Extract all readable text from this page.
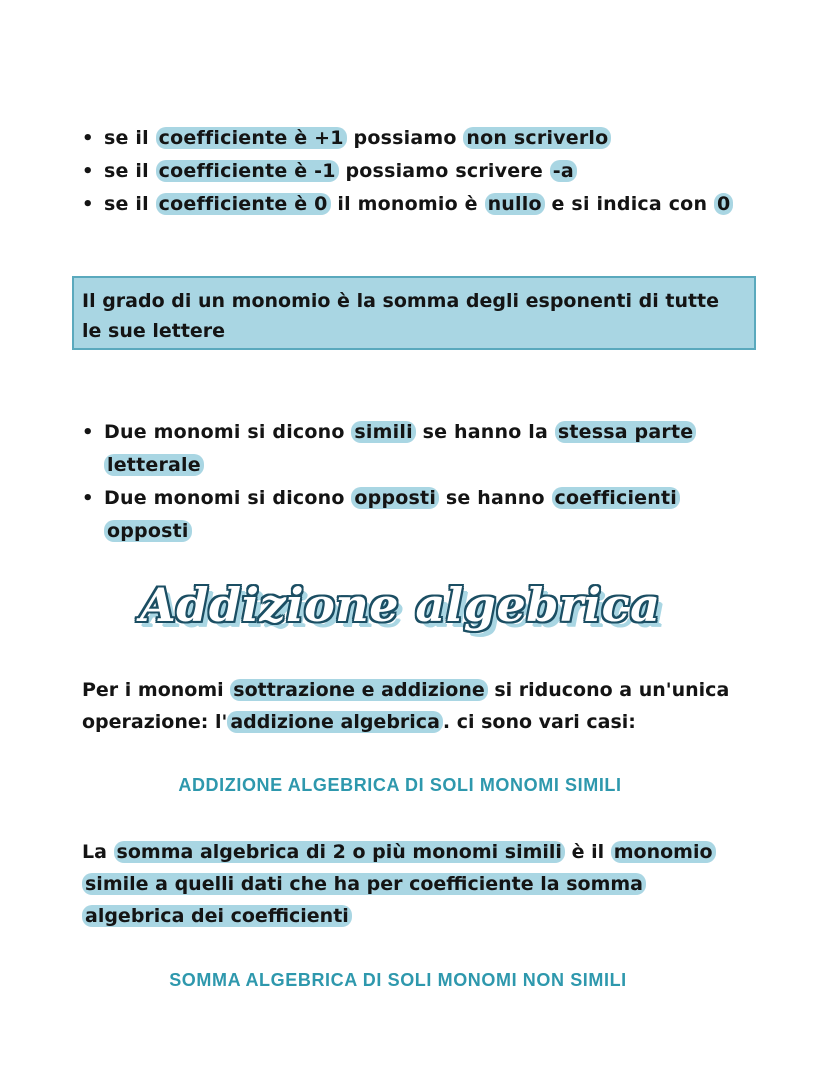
• se il coefficiente è +1 possiamo non scriverlo
• se il coefficiente è -1 possiamo scrivere -a
• se il coefficiente è 0 il monomio è nullo e si indica con 0
Il grado di un monomio è la somma degli esponenti di tutte le sue lettere
• Due monomi si dicono simili se hanno la stessa parte letterale
• Due monomi si dicono opposti se hanno coefficienti opposti
Addizione algebrica

Per i monomi sottrazione e addizione si riducono a un'unica operazione: l' addizione algebrica . ci sono vari casi:

ADDIZIONE ALGEBRICA DI SOLI MONOMI SIMILI

La somma algebrica di 2 o più monomi simili è il monomio simile a quelli dati che ha per coefficiente la somma algebrica dei coefficienti

SOMMA ALGEBRICA DI SOLI MONOMI NON SIMILI
